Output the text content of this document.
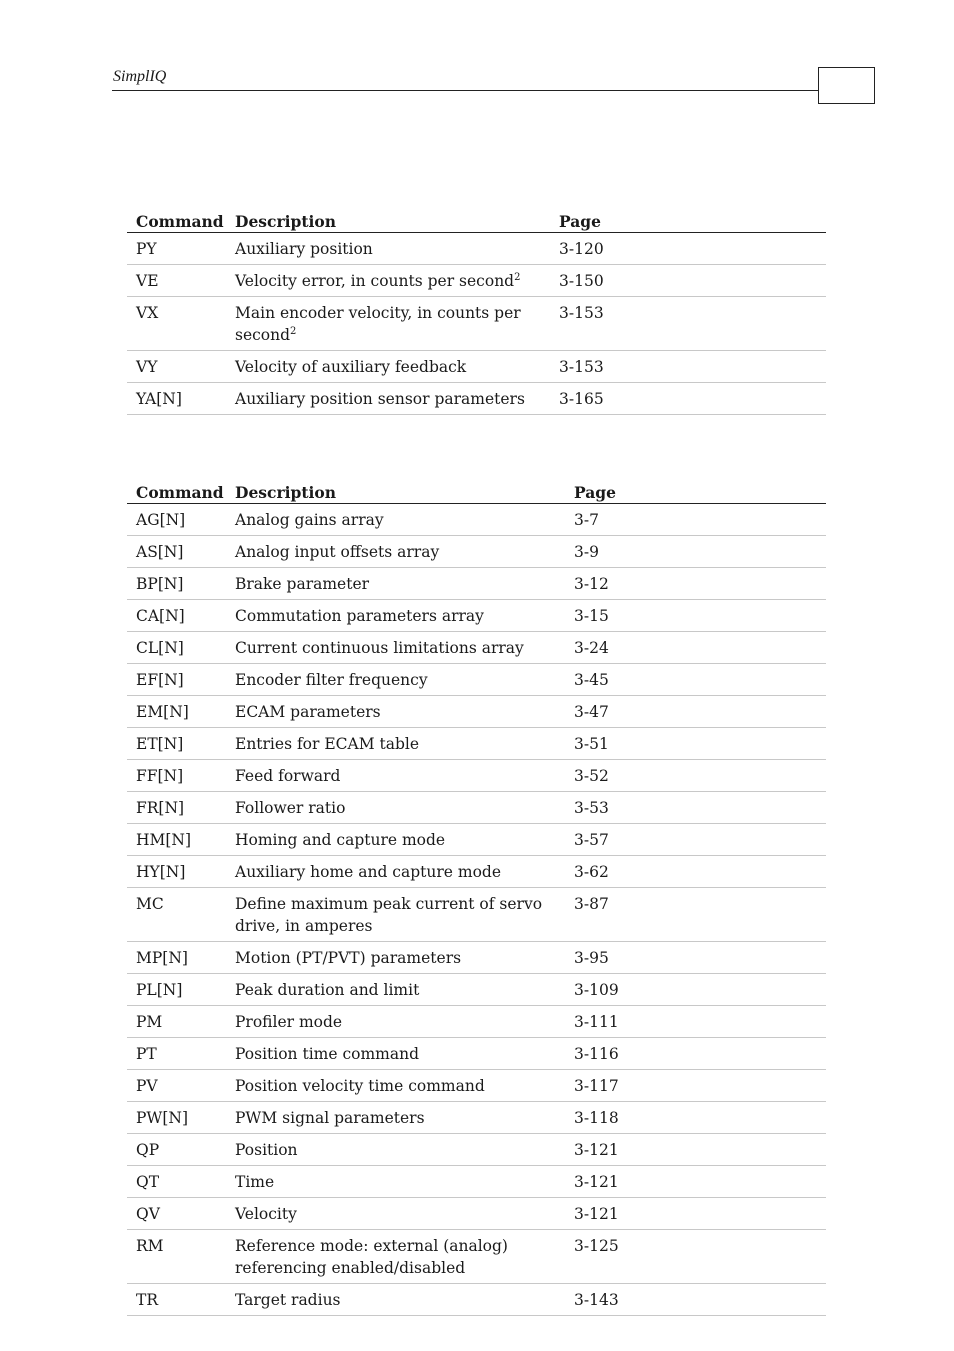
SimplIQ
Command	Description	Page
PY	Auxiliary position	3-120
VE	Velocity error, in counts per second$^2$	3-150
VX	Main encoder velocity, in counts per second$^2$	3-153
VY	Velocity of auxiliary feedback	3-153
YA[N]	Auxiliary position sensor parameters	3-165
Command	Description	Page
AG[N]	Analog gains array	3-7
AS[N]	Analog input offsets array	3-9
BP[N]	Brake parameter	3-12
CA[N]	Commutation parameters array	3-15
CL[N]	Current continuous limitations array	3-24
EF[N]	Encoder filter frequency	3-45
EM[N]	ECAM parameters	3-47
ET[N]	Entries for ECAM table	3-51
FF[N]	Feed forward	3-52
FR[N]	Follower ratio	3-53
HM[N]	Homing and capture mode	3-57
HY[N]	Auxiliary home and capture mode	3-62
MC	Define maximum peak current of servo drive, in amperes	3-87
MP[N]	Motion (PT/PVT) parameters	3-95
PL[N]	Peak duration and limit	3-109
PM	Profiler mode	3-111
PT	Position time command	3-116
PV	Position velocity time command	3-117
PW[N]	PWM signal parameters	3-118
QP	Position	3-121
QT	Time	3-121
QV	Velocity	3-121
RM	Reference mode: external (analog) referencing enabled/disabled	3-125
TR	Target radius	3-143
